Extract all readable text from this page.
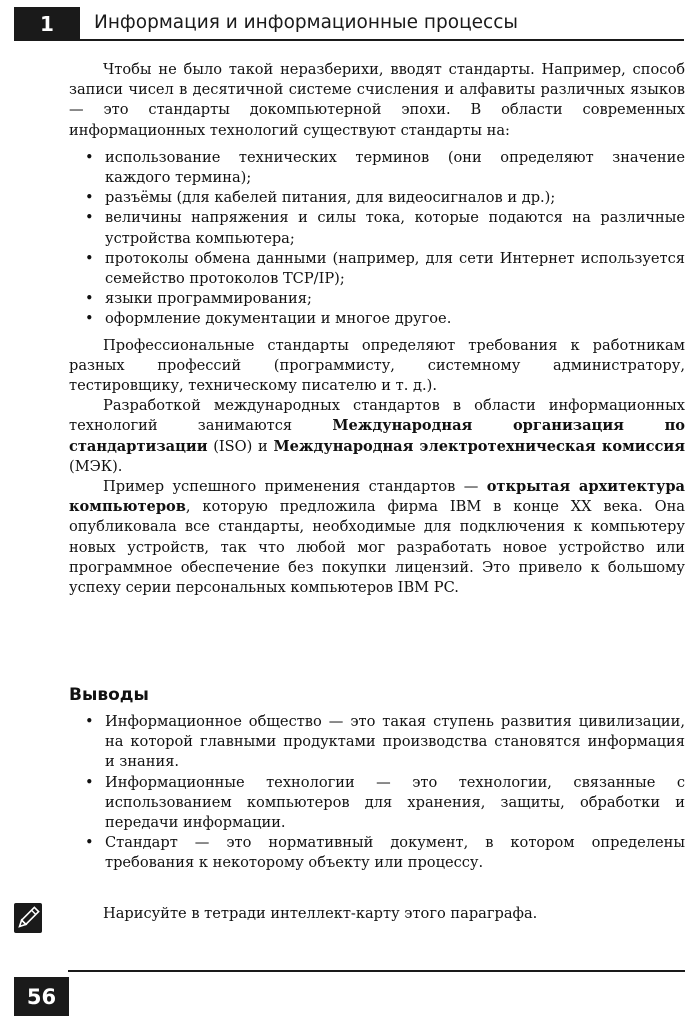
1	Информация и информационные процессы

Чтобы не было такой неразберихи, вводят стандарты. Например, способ записи чисел в десятичной системе счисления и алфавиты различных языков — это стандарты докомпьютерной эпохи. В области современных информационных технологий существуют стандарты на:

• использование технических терминов (они определяют значение каждого термина);
• разъёмы (для кабелей питания, для видеосигналов и др.);
• величины напряжения и силы тока, которые подаются на различные устройства компьютера;
• протоколы обмена данными (например, для сети Интернет используется семейство протоколов TCP/IP);
• языки программирования;
• оформление документации и многое другое.

Профессиональные стандарты определяют требования к работникам разных профессий (программисту, системному администратору, тестировщику, техническому писателю и т. д.).

Разработкой международных стандартов в области информационных технологий занимаются Международная организация по стандартизации (ISO) и Международная электротехническая комиссия (МЭК).

Пример успешного применения стандартов — открытая архитектура компьютеров, которую предложила фирма IBM в конце XX века. Она опубликовала все стандарты, необходимые для подключения к компьютеру новых устройств, так что любой мог разработать новое устройство или программное обеспечение без покупки лицензий. Это привело к большому успеху серии персональных компьютеров IBM PC.

Выводы
• Информационное общество — это такая ступень развития цивилизации, на которой главными продуктами производства становятся информация и знания.
• Информационные технологии — это технологии, связанные с использованием компьютеров для хранения, защиты, обработки и передачи информации.
• Стандарт — это нормативный документ, в котором определены требования к некоторому объекту или процессу.
Нарисуйте в тетради интеллект-карту этого параграфа.
56
